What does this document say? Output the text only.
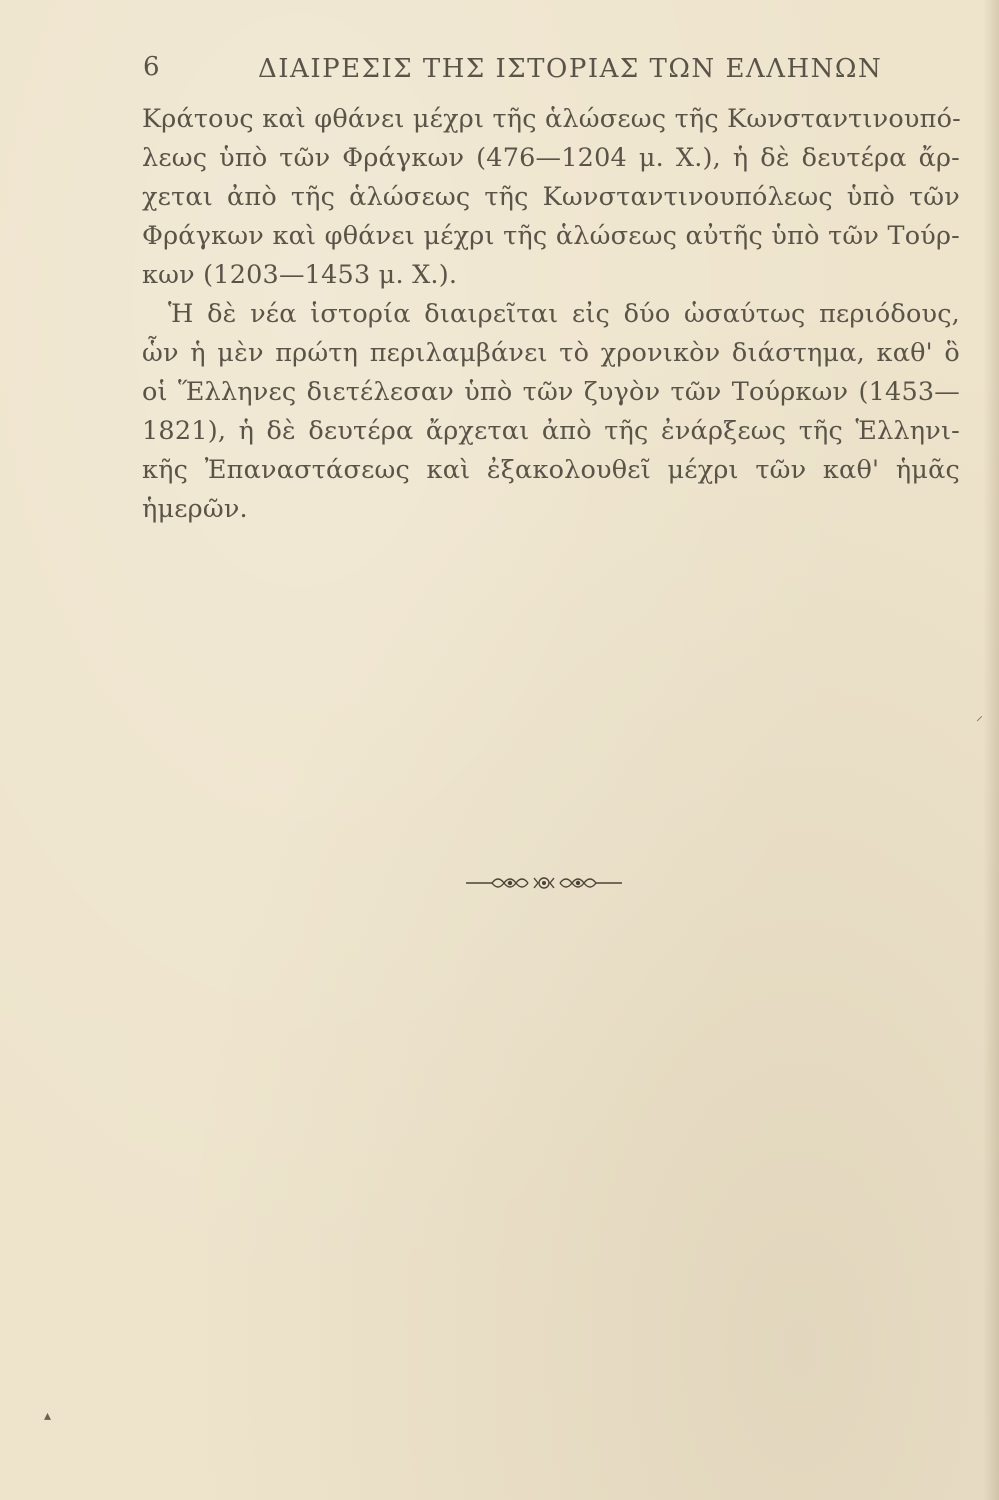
6	ΔΙΑΙΡΕΣΙΣ ΤΗΣ ΙΣΤΟΡΙΑΣ ΤΩΝ ΕΛΛΗΝΩΝ
Κράτους καὶ φθάνει μέχρι τῆς ἁλώσεως τῆς Κωνσταντινουπό-
λεως ὑπὸ τῶν Φράγκων (476—1204 μ. Χ.), ἡ δὲ δευτέρα ἄρ-
χεται ἀπὸ τῆς ἁλώσεως τῆς Κωνσταντινουπόλεως ὑπὸ τῶν
Φράγκων καὶ φθάνει μέχρι τῆς ἁλώσεως αὐτῆς ὑπὸ τῶν Τούρ-
κων (1203—1453 μ. Χ.).
Ἡ δὲ νέα ἱστορία διαιρεῖται εἰς δύο ὡσαύτως περιόδους,
ὧν ἡ μὲν πρώτη περιλαμβάνει τὸ χρονικὸν διάστημα, καθ' ὃ
οἱ Ἕλληνες διετέλεσαν ὑπὸ τῶν ζυγὸν τῶν Τούρκων (1453—
1821), ἡ δὲ δευτέρα ἄρχεται ἀπὸ τῆς ἐνάρξεως τῆς Ἑλληνι-
κῆς Ἐπαναστάσεως καὶ ἐξακολουθεῖ μέχρι τῶν καθ' ἡμᾶς
ἡμερῶν.
▴
⸍
